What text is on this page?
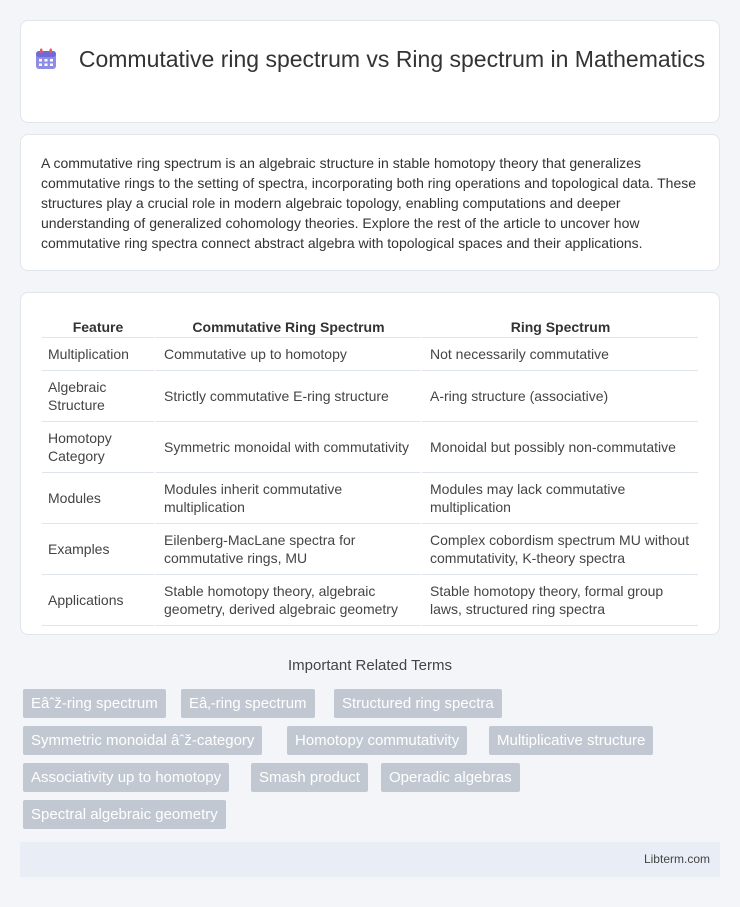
Commutative ring spectrum vs Ring spectrum in Mathematics

A commutative ring spectrum is an algebraic structure in stable homotopy theory that generalizes commutative rings to the setting of spectra, incorporating both ring operations and topological data. These structures play a crucial role in modern algebraic topology, enabling computations and deeper understanding of generalized cohomology theories. Explore the rest of the article to uncover how commutative ring spectra connect abstract algebra with topological spaces and their applications.

Feature	Commutative Ring Spectrum	Ring Spectrum
Multiplication	Commutative up to homotopy	Not necessarily commutative
Algebraic Structure	Strictly commutative E-ring structure	A-ring structure (associative)
Homotopy Category	Symmetric monoidal with commutativity	Monoidal but possibly non-commutative
Modules	Modules inherit commutative multiplication	Modules may lack commutative multiplication
Examples	Eilenberg-MacLane spectra for commutative rings, MU	Complex cobordism spectrum MU without commutativity, K-theory spectra
Applications	Stable homotopy theory, algebraic geometry, derived algebraic geometry	Stable homotopy theory, formal group laws, structured ring spectra
Important Related Terms
Eâˆž-ring spectrum	Eâ‚-ring spectrum	Structured ring spectra
Symmetric monoidal âˆž-category	Homotopy commutativity	Multiplicative structure
Associativity up to homotopy	Smash product	Operadic algebras
Spectral algebraic geometry
Libterm.com
